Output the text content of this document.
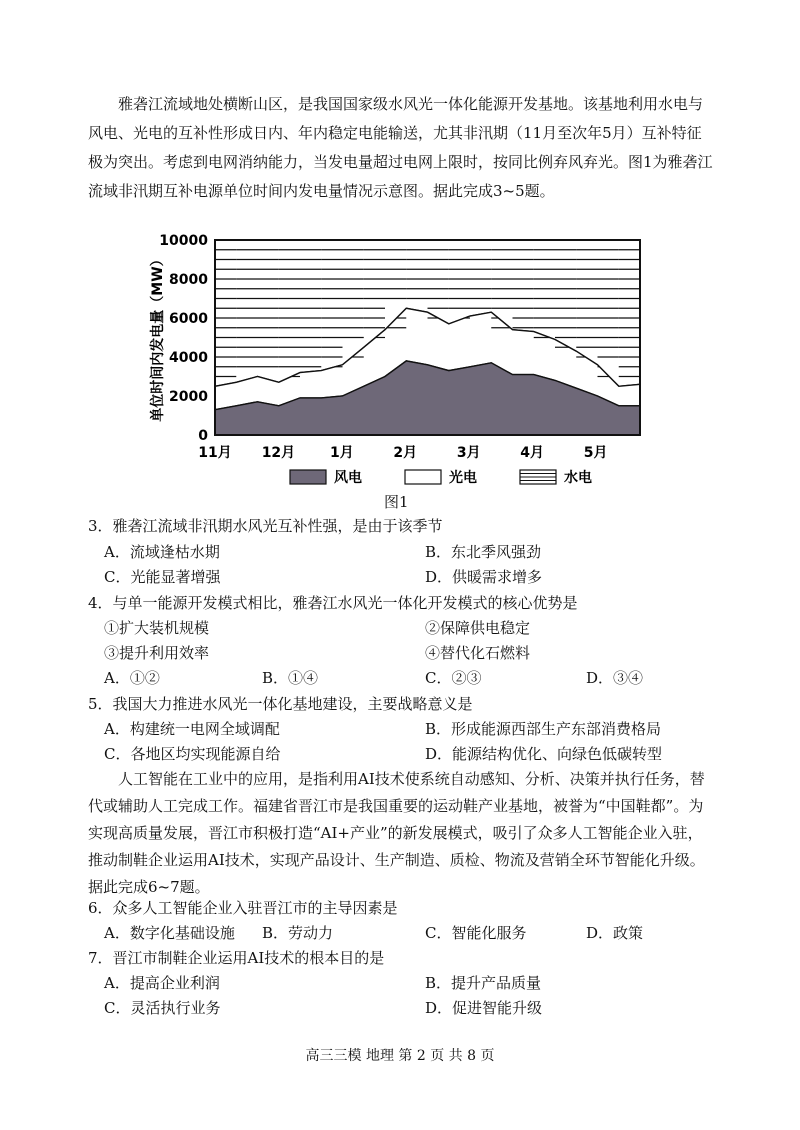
雅砻江流域地处横断山区，是我国国家级水风光一体化能源开发基地。该基地利用水电与风电、光电的互补性形成日内、年内稳定电能输送，尤其非汛期（11月至次年5月）互补特征极为突出。考虑到电网消纳能力，当发电量超过电网上限时，按同比例弃风弃光。图1为雅砻江流域非汛期互补电源单位时间内发电量情况示意图。据此完成3~5题。
0
2000
4000
6000
8000
10000
11月 12月 1月	2月	3月	4月	5月
单位时间内发电量（MW）
风电	光电	水电
图1
3．雅砻江流域非汛期水风光互补性强，是由于该季节
A．流域逢枯水期	B．东北季风强劲
C．光能显著增强	D．供暖需求增多
4．与单一能源开发模式相比，雅砻江水风光一体化开发模式的核心优势是
①扩大装机规模	②保障供电稳定
③提升利用效率	④替代化石燃料
A．①②	B．①④	C．②③	D．③④
5．我国大力推进水风光一体化基地建设，主要战略意义是
A．构建统一电网全域调配	B．形成能源西部生产东部消费格局
C．各地区均实现能源自给	D．能源结构优化、向绿色低碳转型
人工智能在工业中的应用，是指利用AI技术使系统自动感知、分析、决策并执行任务，替代或辅助人工完成工作。福建省晋江市是我国重要的运动鞋产业基地，被誉为“中国鞋都”。为实现高质量发展，晋江市积极打造“AI+产业”的新发展模式，吸引了众多人工智能企业入驻，推动制鞋企业运用AI技术，实现产品设计、生产制造、质检、物流及营销全环节智能化升级。据此完成6~7题。
6．众多人工智能企业入驻晋江市的主导因素是
A．数字化基础设施 B．劳动力	C．智能化服务	D．政策
7．晋江市制鞋企业运用AI技术的根本目的是
A．提高企业利润	B．提升产品质量
C．灵活执行业务	D．促进智能升级
高三三模 地理 第 2 页 共 8 页
